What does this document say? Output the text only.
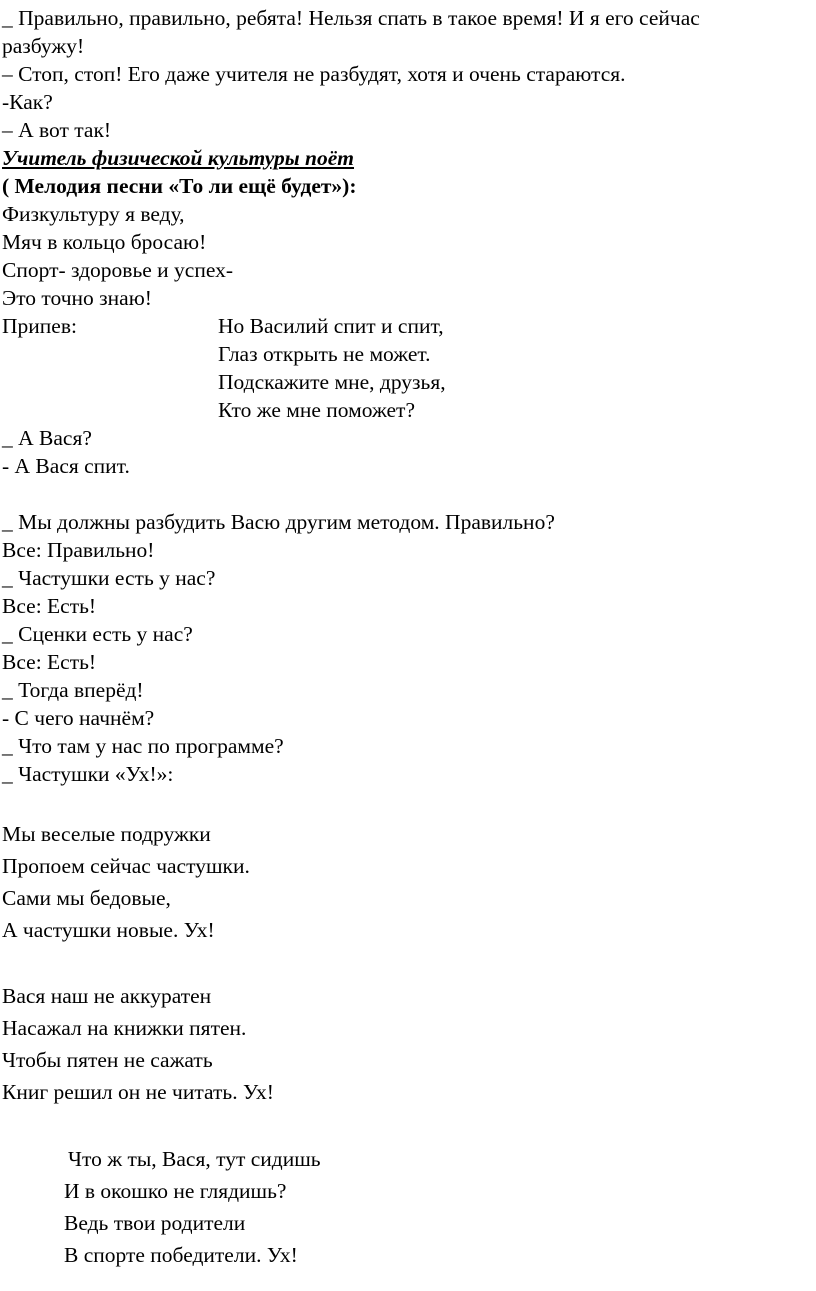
_ Правильно, правильно, ребята! Нельзя спать в такое время! И я его сейчас
разбужу!
– Стоп, стоп! Его даже учителя не разбудят, хотя и очень стараются.
-Как?
– А вот так!
Учитель физической культуры поёт
( Мелодия песни «То ли ещё будет»):
Физкультуру я веду,
Мяч в кольцо бросаю!
Спорт- здоровье и успех-
Это точно знаю!
Припев:	Но Василий спит и спит,
Глаз открыть не может.
Подскажите мне, друзья,
Кто же мне поможет?
_ А Вася?
- А Вася спит.
_ Мы должны разбудить Васю другим методом. Правильно?
Все: Правильно!
_ Частушки есть у нас?
Все: Есть!
_ Сценки есть у нас?
Все: Есть!
_ Тогда вперёд!
- С чего начнём?
_ Что там у нас по программе?
_ Частушки «Ух!»:
Мы веселые подружки
Пропоем сейчас частушки.
Сами мы бедовые,
А частушки новые. Ух!
Вася наш не аккуратен
Насажал на книжки пятен.
Чтобы пятен не сажать
Книг решил он не читать. Ух!
Что ж ты, Вася, тут сидишь
И в окошко не глядишь?
Ведь твои родители
В спорте победители. Ух!
